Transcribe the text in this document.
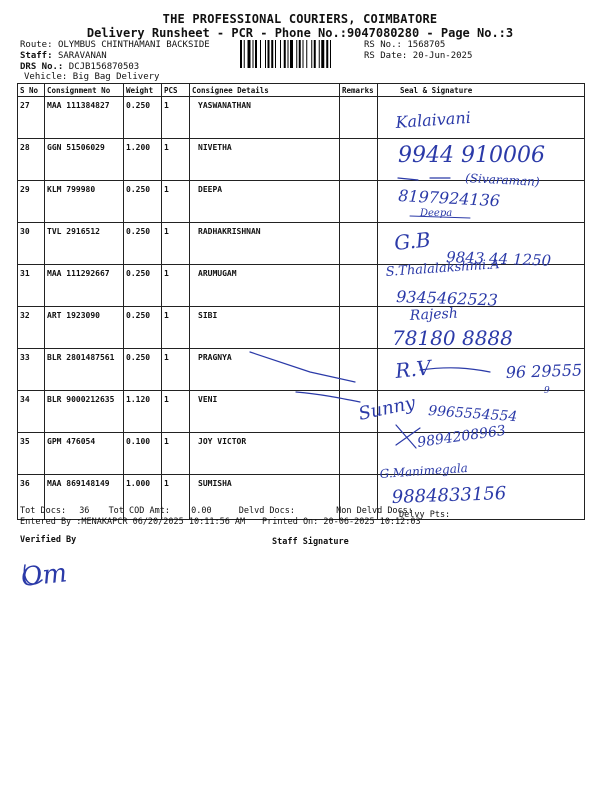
THE PROFESSIONAL COURIERS, COIMBATORE
Delivery Runsheet - PCR - Phone No.:9047080280 - Page No.:3
Route: OLYMBUS CHINTHAMANI BACKSIDE
Staff: SARAVANAN
DRS No.: DCJB156870503
Vehicle: Big Bag Delivery
RS No.: 1568705
RS Date: 20-Jun-2025
S No	Consignment No	Weight	PCS	Consignee Details	Remarks	Seal & Signature
27	MAA 111384827	0.250	1	YASWANATHAN		
28	GGN 51506029	1.200	1	NIVETHA		
29	KLM 799980	0.250	1	DEEPA		
30	TVL 2916512	0.250	1	RADHAKRISHNAN		
31	MAA 111292667	0.250	1	ARUMUGAM		
32	ART 1923090	0.250	1	SIBI		
33	BLR 2801487561	0.250	1	PRAGNYA		
34	BLR 9000212635	1.120	1	VENI		
35	GPM 476054	0.100	1	JOY VICTOR		
36	MAA 869148149	1.000	1	SUMISHA		
Tot Docs: 36 Tot COD Amt: 0.00	Delvd Docs:	Non Delvd Docs:
Delvy Pts:
Entered By :MENAKAPCR 06/20/2025 10:11:56 AM Printed On: 20-06-2025 10:12:03
Verified By	Staff Signature
Kalaivani
9944 910006
(Sivaraman)
8197924136
Deepa
G.B
9843 44 1250
S.Thalalakshmi.A
9345462523
Rajesh
78180 8888
R.V	96 29555
9
Sunny 9965554554
9894208963
G.Manimegala
9884833156
Om
